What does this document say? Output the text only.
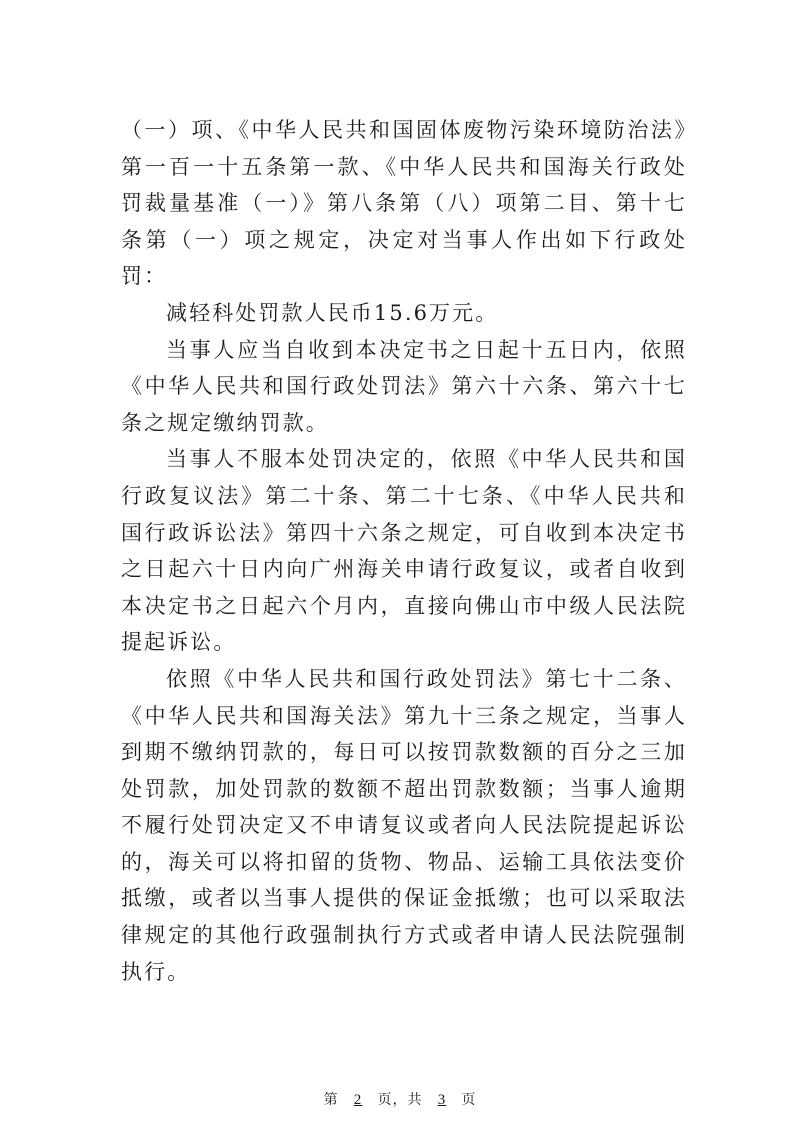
（一）项、《中华人民共和国固体废物污染环境防治法》第一百一十五条第一款、《中华人民共和国海关行政处罚裁量基准（一）》第八条第（八）项第二目、第十七条第（一）项之规定，决定对当事人作出如下行政处罚：

减轻科处罚款人民币15.6万元。

当事人应当自收到本决定书之日起十五日内，依照《中华人民共和国行政处罚法》第六十六条、第六十七条之规定缴纳罚款。

当事人不服本处罚决定的，依照《中华人民共和国行政复议法》第二十条、第二十七条、《中华人民共和国行政诉讼法》第四十六条之规定，可自收到本决定书之日起六十日内向广州海关申请行政复议，或者自收到本决定书之日起六个月内，直接向佛山市中级人民法院提起诉讼。

依照《中华人民共和国行政处罚法》第七十二条、《中华人民共和国海关法》第九十三条之规定，当事人到期不缴纳罚款的，每日可以按罚款数额的百分之三加处罚款，加处罚款的数额不超出罚款数额；当事人逾期不履行处罚决定又不申请复议或者向人民法院提起诉讼的，海关可以将扣留的货物、物品、运输工具依法变价抵缴，或者以当事人提供的保证金抵缴；也可以采取法律规定的其他行政强制执行方式或者申请人民法院强制执行。

第 2 页，共 3 页
